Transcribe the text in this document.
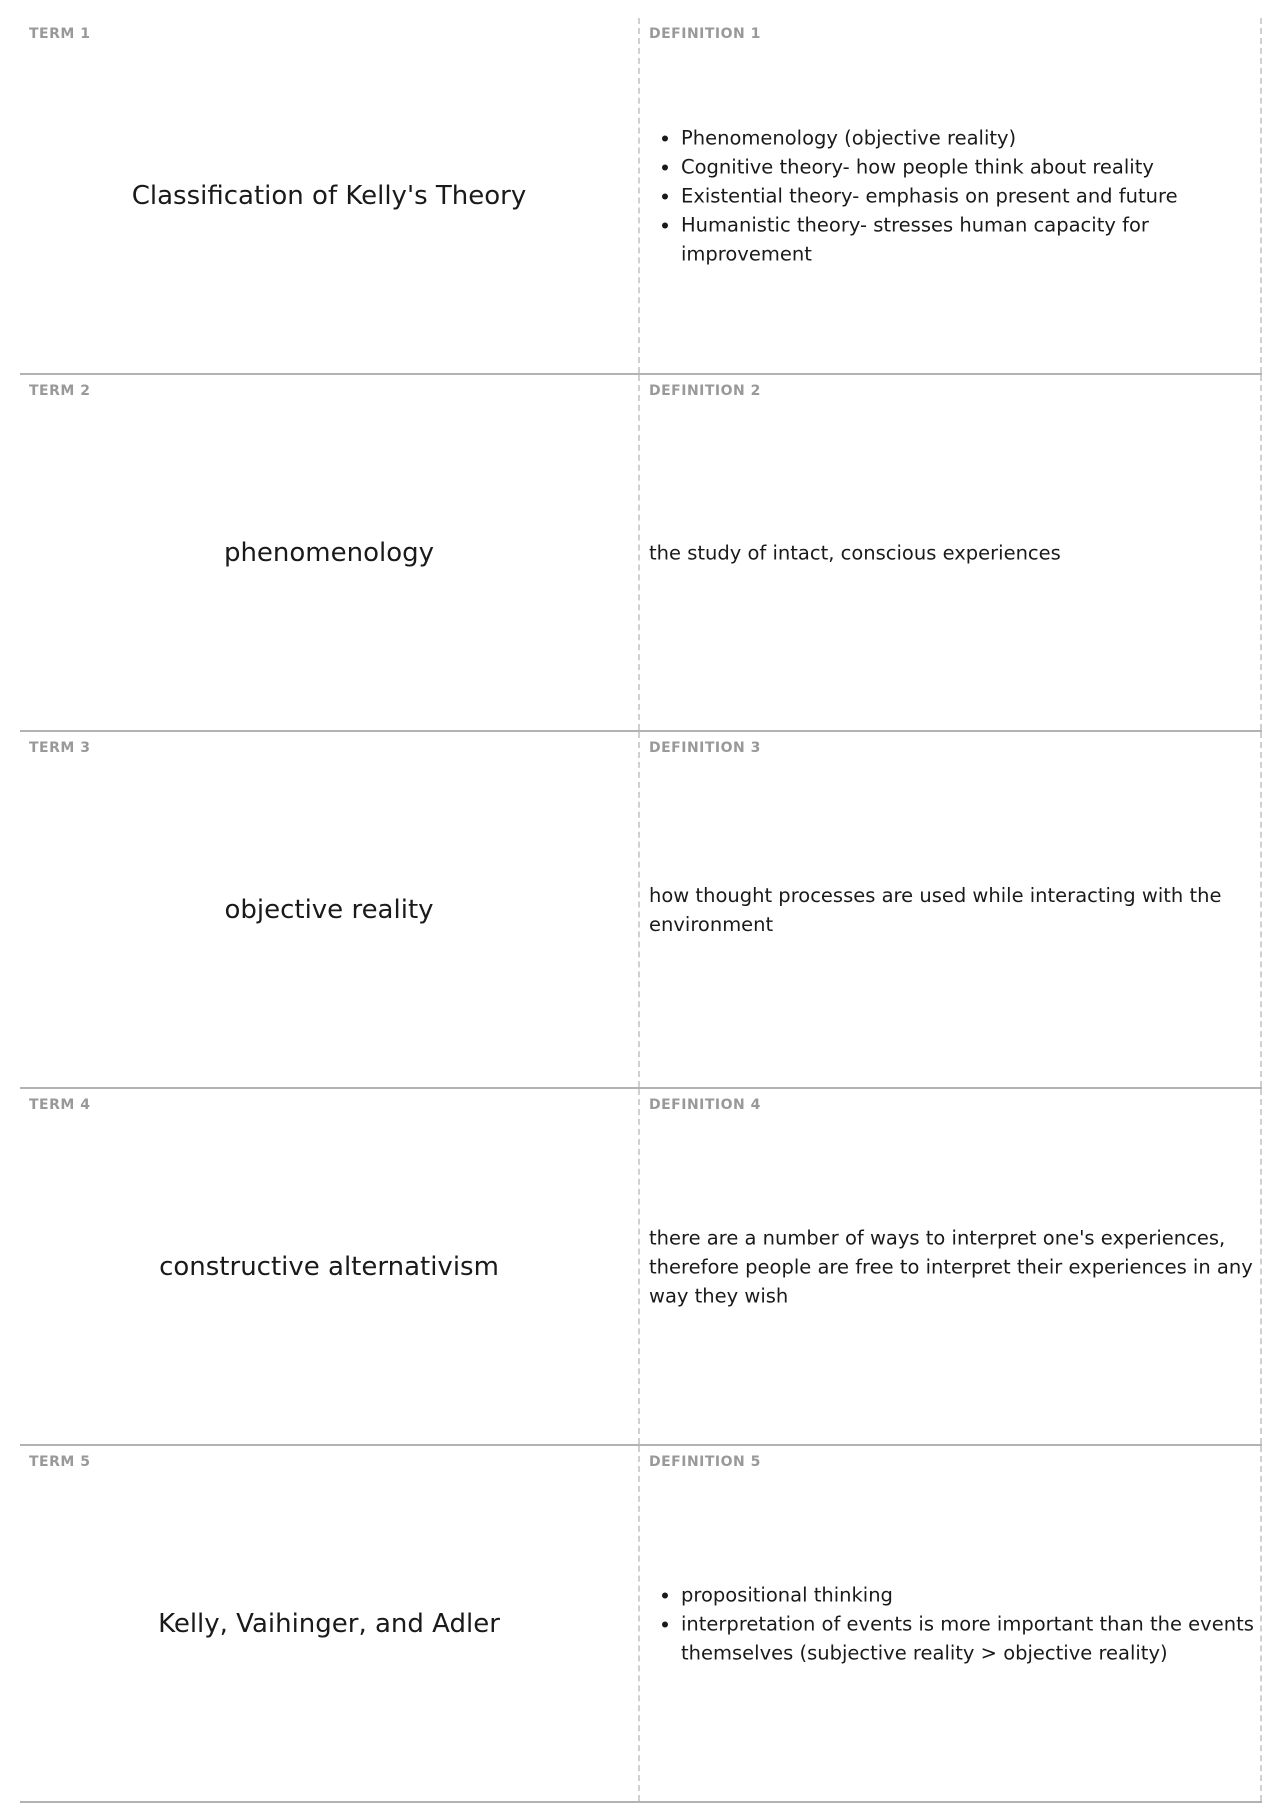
TERM 1
Classification of Kelly's Theory
DEFINITION 1
• Phenomenology (objective reality)
• Cognitive theory- how people think about reality
• Existential theory- emphasis on present and future
• Humanistic theory- stresses human capacity for improvement
TERM 2
phenomenology
DEFINITION 2
the study of intact, conscious experiences
TERM 3
objective reality
DEFINITION 3
how thought processes are used while interacting with the environment
TERM 4
constructive alternativism
DEFINITION 4
there are a number of ways to interpret one's experiences, therefore people are free to interpret their experiences in any way they wish
TERM 5
Kelly, Vaihinger, and Adler
DEFINITION 5
• propositional thinking
• interpretation of events is more important than the events themselves (subjective reality > objective reality)
